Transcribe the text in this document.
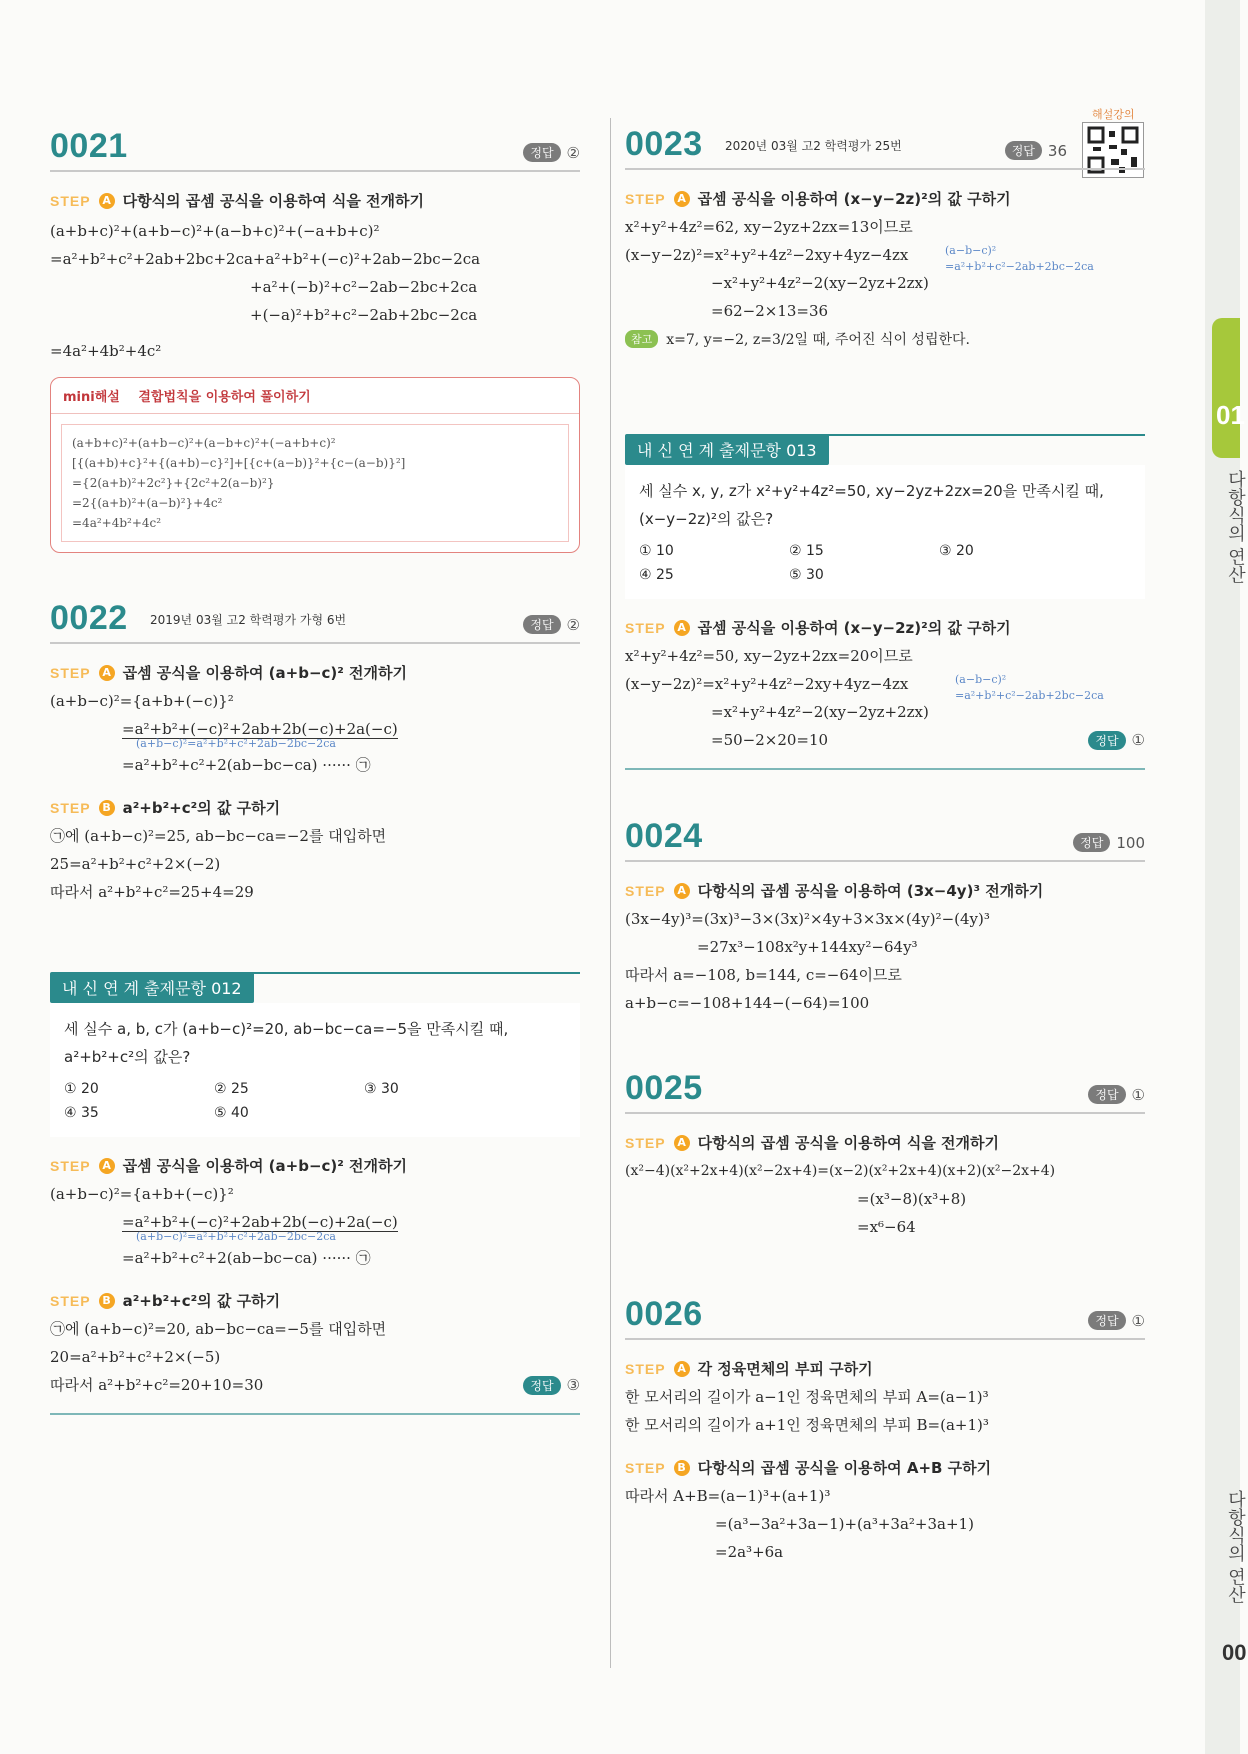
01
다항식의 연산
다항식의 연산
00
해설강의
0021	정답 ②
STEP	A 다항식의 곱셈 공식을 이용하여 식을 전개하기
(a+b+c)²+(a+b−c)²+(a−b+c)²+(−a+b+c)²
=a²+b²+c²+2ab+2bc+2ca+a²+b²+(−c)²+2ab−2bc−2ca
+a²+(−b)²+c²−2ab−2bc+2ca
+(−a)²+b²+c²−2ab+2bc−2ca
=4a²+4b²+4c²
mini해설 결합법칙을 이용하여 풀이하기
(a+b+c)²+(a+b−c)²+(a−b+c)²+(−a+b+c)²
[{(a+b)+c}²+{(a+b)−c}²]+[{c+(a−b)}²+{c−(a−b)}²]
={2(a+b)²+2c²}+{2c²+2(a−b)²}
=2{(a+b)²+(a−b)²}+4c²
=4a²+4b²+4c²
0022 2019년 03월 고2 학력평가 가형 6번	정답 ②
STEP	A 곱셈 공식을 이용하여 (a+b−c)² 전개하기
(a+b−c)²={a+b+(−c)}²
=a²+b²+(−c)²+2ab+2b(−c)+2a(−c)
(a+b−c)²=a²+b²+c²+2ab−2bc−2ca
=a²+b²+c²+2(ab−bc−ca) ······ ㉠
STEP	B a²+b²+c²의 값 구하기
㉠에 (a+b−c)²=25, ab−bc−ca=−2를 대입하면
25=a²+b²+c²+2×(−2)
따라서 a²+b²+c²=25+4=29
내 신 연 계 출제문항 012
세 실수 a, b, c가 (a+b−c)²=20, ab−bc−ca=−5을 만족시킬 때,
a²+b²+c²의 값은?
① 20	② 25	③ 30
④ 35	⑤ 40
STEP	A 곱셈 공식을 이용하여 (a+b−c)² 전개하기
(a+b−c)²={a+b+(−c)}²
=a²+b²+(−c)²+2ab+2b(−c)+2a(−c)
(a+b−c)²=a²+b²+c²+2ab−2bc−2ca
=a²+b²+c²+2(ab−bc−ca) ······ ㉠
STEP	B a²+b²+c²의 값 구하기
㉠에 (a+b−c)²=20, ab−bc−ca=−5를 대입하면
20=a²+b²+c²+2×(−5)
따라서 a²+b²+c²=20+10=30	정답 ③
0023 2020년 03월 고2 학력평가 25번	정답 36
STEP	A 곱셈 공식을 이용하여 (x−y−2z)²의 값 구하기
x²+y²+4z²=62, xy−2yz+2zx=13이므로
(x−y−2z)²=x²+y²+4z²−2xy+4yz−4zx
−x²+y²+4z²−2(xy−2yz+2zx)
=62−2×13=36
(a−b−c)²
=a²+b²+c²−2ab+2bc−2ca
참고	x=7, y=−2, z=3/2일 때, 주어진 식이 성립한다.
내 신 연 계 출제문항 013
세 실수 x, y, z가 x²+y²+4z²=50, xy−2yz+2zx=20을 만족시킬 때,
(x−y−2z)²의 값은?
① 10	② 15	③ 20
④ 25	⑤ 30
STEP	A 곱셈 공식을 이용하여 (x−y−2z)²의 값 구하기
x²+y²+4z²=50, xy−2yz+2zx=20이므로
(x−y−2z)²=x²+y²+4z²−2xy+4yz−4zx
=x²+y²+4z²−2(xy−2yz+2zx)
=50−2×20=10	정답 ①
(a−b−c)²
=a²+b²+c²−2ab+2bc−2ca
0024	정답 100
STEP	A 다항식의 곱셈 공식을 이용하여 (3x−4y)³ 전개하기
(3x−4y)³=(3x)³−3×(3x)²×4y+3×3x×(4y)²−(4y)³
=27x³−108x²y+144xy²−64y³
따라서 a=−108, b=144, c=−64이므로
a+b−c=−108+144−(−64)=100
0025	정답 ①
STEP	A 다항식의 곱셈 공식을 이용하여 식을 전개하기
(x²−4)(x²+2x+4)(x²−2x+4)=(x−2)(x²+2x+4)(x+2)(x²−2x+4)
=(x³−8)(x³+8)
=x⁶−64
0026	정답 ①
STEP	A 각 정육면체의 부피 구하기
한 모서리의 길이가 a−1인 정육면체의 부피 A=(a−1)³
한 모서리의 길이가 a+1인 정육면체의 부피 B=(a+1)³
STEP	B 다항식의 곱셈 공식을 이용하여 A+B 구하기
따라서 A+B=(a−1)³+(a+1)³
=(a³−3a²+3a−1)+(a³+3a²+3a+1)
=2a³+6a
